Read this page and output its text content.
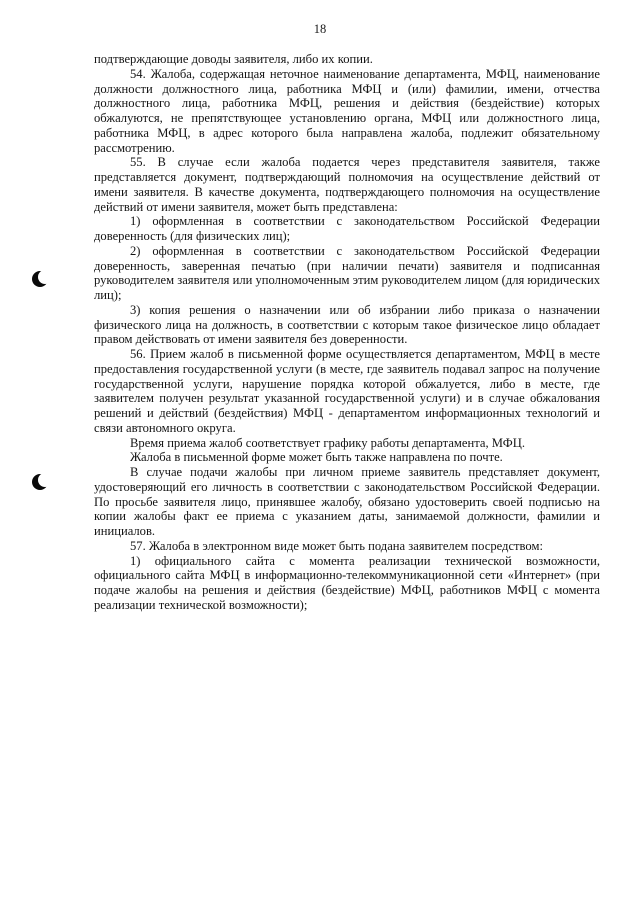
18

подтверждающие доводы заявителя, либо их копии.

54. Жалоба, содержащая неточное наименование департамента, МФЦ, наименование должности должностного лица, работника МФЦ и (или) фамилии, имени, отчества должностного лица, работника МФЦ, решения и действия (бездействие) которых обжалуются, не препятствующее установлению органа, МФЦ или должностного лица, работника МФЦ, в адрес которого была направлена жалоба, подлежит обязательному рассмотрению.

55. В случае если жалоба подается через представителя заявителя, также представляется документ, подтверждающий полномочия на осуществление действий от имени заявителя. В качестве документа, подтверждающего полномочия на осуществление действий от имени заявителя, может быть представлена:

1) оформленная в соответствии с законодательством Российской Федерации доверенность (для физических лиц);

2) оформленная в соответствии с законодательством Российской Федерации доверенность, заверенная печатью (при наличии печати) заявителя и подписанная руководителем заявителя или уполномоченным этим руководителем лицом (для юридических лиц);

3) копия решения о назначении или об избрании либо приказа о назначении физического лица на должность, в соответствии с которым такое физическое лицо обладает правом действовать от имени заявителя без доверенности.

56. Прием жалоб в письменной форме осуществляется департаментом, МФЦ в месте предоставления государственной услуги (в месте, где заявитель подавал запрос на получение государственной услуги, нарушение порядка которой обжалуется, либо в месте, где заявителем получен результат указанной государственной услуги) и в случае обжалования решений и действий (бездействия) МФЦ - департаментом информационных технологий и связи автономного округа.

Время приема жалоб соответствует графику работы департамента, МФЦ.

Жалоба в письменной форме может быть также направлена по почте.

В случае подачи жалобы при личном приеме заявитель представляет документ, удостоверяющий его личность в соответствии с законодательством Российской Федерации. По просьбе заявителя лицо, принявшее жалобу, обязано удостоверить своей подписью на копии жалобы факт ее приема с указанием даты, занимаемой должности, фамилии и инициалов.

57. Жалоба в электронном виде может быть подана заявителем посредством:

1) официального сайта с момента реализации технической возможности, официального сайта МФЦ в информационно-телекоммуникационной сети «Интернет» (при подаче жалобы на решения и действия (бездействие) МФЦ, работников МФЦ с момента реализации технической возможности);
